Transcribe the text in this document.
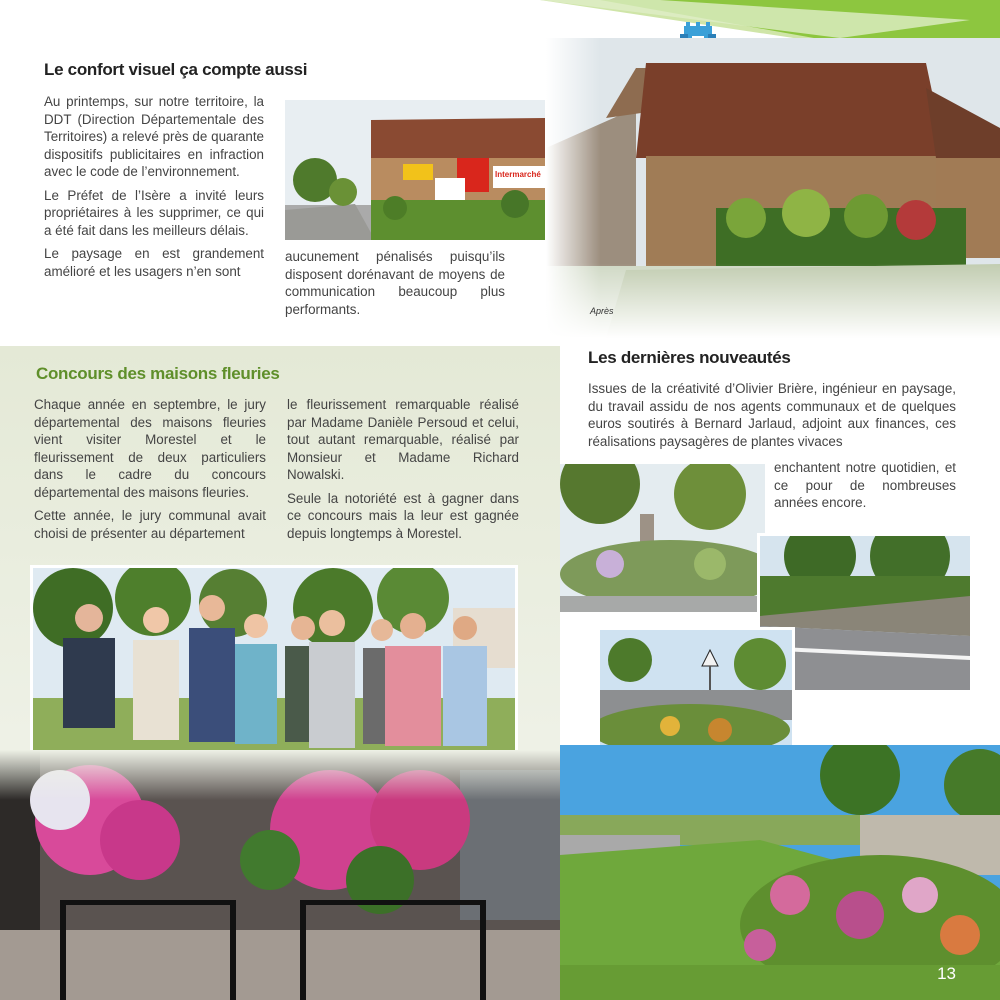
Le confort visuel ça compte aussi

Au printemps, sur notre territoire, la DDT (Direction Départementale des Territoires) a relevé près de quarante dispositifs publicitaires en infraction avec le code de l’environnement.

Le Préfet de l’Isère a invité leurs propriétaires à les supprimer, ce qui a été fait dans les meilleurs délais.

Le paysage en est grandement amélioré et les usagers n’en sont

aucunement pénalisés puisqu’ils disposent dorénavant de moyens de communication beaucoup plus performants.

Intermarché
Après
Concours des maisons fleuries

Chaque année en septembre, le jury départemental des maisons fleuries vient visiter Morestel et le fleurissement de deux particuliers dans le cadre du concours départemental des maisons fleuries.

Cette année, le jury communal avait choisi de présenter au département

le fleurissement remarquable réalisé par Madame Danièle Persoud et celui, tout autant remarquable, réalisé par Monsieur et Madame Richard Nowalski.

Seule la notoriété est à gagner dans ce concours mais la leur est gagnée depuis longtemps à Morestel.

Les dernières nouveautés
Issues de la créativité d’Olivier Brière, ingénieur en paysage, du travail assidu de nos agents communaux et de quelques euros soutirés à Bernard Jarlaud, adjoint aux finances, ces réalisations paysagères de plantes vivaces
enchantent notre quotidien, et ce pour de nombreuses années encore.
13
